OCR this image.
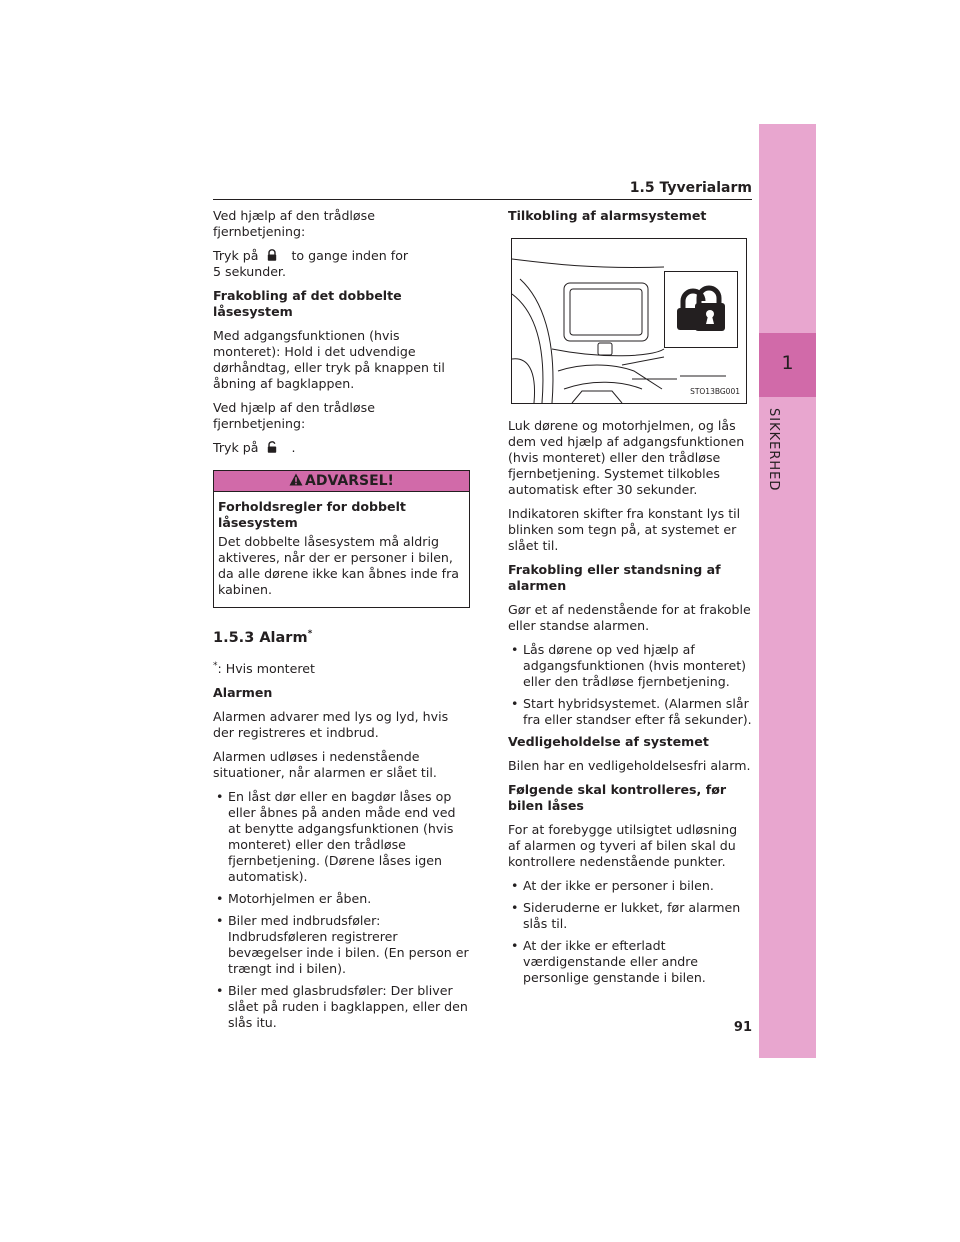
1
SIKKERHED
1.5 Tyverialarm

Ved hjælp af den trådløse fjernbetjening:

Tryk på	to gange inden for
5 sekunder.

Frakobling af det dobbelte låsesystem

Med adgangsfunktionen (hvis monteret): Hold i det udvendige dørhåndtag, eller tryk på knappen til åbning af bagklappen.

Ved hjælp af den trådløse fjernbetjening:

Tryk på	.

ADVARSEL!

Forholdsregler for dobbelt låsesystem

Det dobbelte låsesystem må aldrig aktiveres, når der er personer i bilen, da alle dørene ikke kan åbnes inde fra kabinen.

1.5.3 Alarm*

*: Hvis monteret

Alarmen

Alarmen advarer med lys og lyd, hvis der registreres et indbrud.

Alarmen udløses i nedenstående situationer, når alarmen er slået til.

• En låst dør eller en bagdør låses op eller åbnes på anden måde end ved at benytte adgangsfunktionen (hvis monteret) eller den trådløse fjernbetjening. (Dørene låses igen automatisk).
• Motorhjelmen er åben.
• Biler med indbrudsføler: Indbrudsføleren registrerer bevægelser inde i bilen. (En person er trængt ind i bilen).
• Biler med glasbrudsføler: Der bliver slået på ruden i bagklappen, eller den slås itu.

Tilkobling af alarmsystemet

STO13BG001

Luk dørene og motorhjelmen, og lås dem ved hjælp af adgangsfunktionen (hvis monteret) eller den trådløse fjernbetjening. Systemet tilkobles automatisk efter 30 sekunder.

Indikatoren skifter fra konstant lys til blinken som tegn på, at systemet er slået til.

Frakobling eller standsning af alarmen

Gør et af nedenstående for at frakoble eller standse alarmen.

• Lås dørene op ved hjælp af adgangsfunktionen (hvis monteret) eller den trådløse fjernbetjening.
• Start hybridsystemet. (Alarmen slår fra eller standser efter få sekunder).

Vedligeholdelse af systemet

Bilen har en vedligeholdelsesfri alarm.

Følgende skal kontrolleres, før bilen låses

For at forebygge utilsigtet udløsning af alarmen og tyveri af bilen skal du kontrollere nedenstående punkter.

• At der ikke er personer i bilen.
• Sideruderne er lukket, før alarmen slås til.
• At der ikke er efterladt værdigenstande eller andre personlige genstande i bilen.
91
